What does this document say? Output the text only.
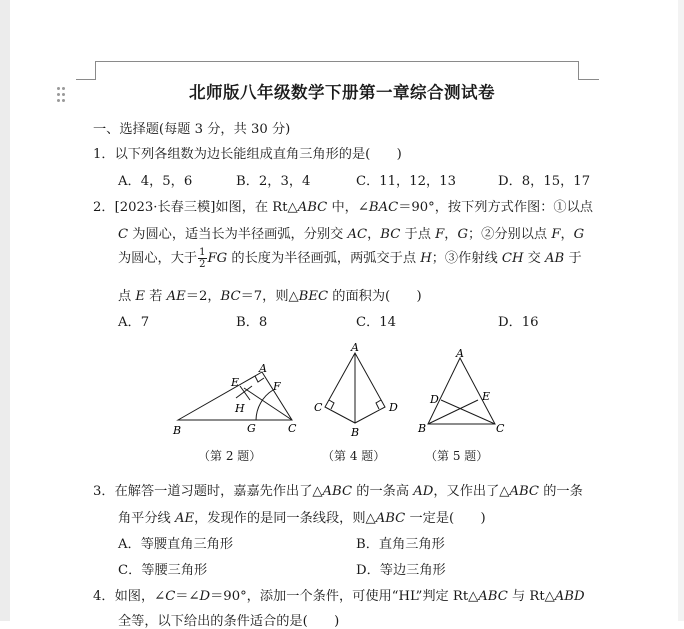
北师版八年级数学下册第一章综合测试卷
一、选择题(每题 3 分，共 30 分)
1．以下列各组数为边长能组成直角三角形的是(　　)
A．4，5，6	B．2，3，4	C．11，12，13	D．8，15，17
2．[2023·长春三模]如图，在 Rt△ABC 中，∠BAC＝90°，按下列方式作图：①以点
C 为圆心，适当长为半径画弧，分别交 AC，BC 于点 F，G；②分别以点 F，G
为圆心，大于 $\frac{1}{2}$ FG 的长度为半径画弧，两弧交于点 H；③作射线 CH 交 AB 于
点 E 若 AE＝2，BC＝7，则△BEC 的面积为(　　)
A．7	B．8	C．14	D．16
A
B	C
E	F
G
H
A
B
C	D
A
B	C
D	E
（第 2 题）	（第 4 题）	（第 5 题）
3．在解答一道习题时，嘉嘉先作出了△ABC 的一条高 AD，又作出了△ABC 的一条
角平分线 AE，发现作的是同一条线段，则△ABC 一定是(　　)
A．等腰直角三角形	B．直角三角形
C．等腰三角形	D．等边三角形
4．如图，∠C＝∠D＝90°，添加一个条件，可使用“HL”判定 Rt△ABC 与 Rt△ABD
全等，以下给出的条件适合的是(　　)
